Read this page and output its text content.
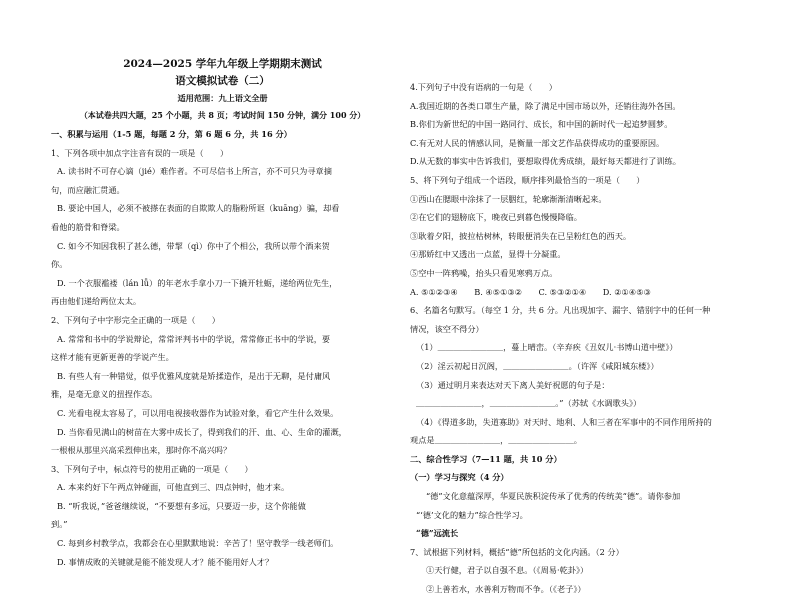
2024—2025 学年九年级上学期期末测试
语文模拟试卷（二）
适用范围：九上语文全册
（本试卷共四大题，25 个小题，共 8 页；考试时间 150 分钟，满分 100 分）
一、积累与运用（1-5 题，每题 2 分，第 6 题 6 分，共 16 分）
1、下列各项中加点字注音有误的一项是（　　）
A. 读书时不可存心谪（jié）难作者。不可尽信书上所言，亦不可只为寻章摘
句，而应融汇贯通。
B. 要论中国人，必须不被搽在表面的自欺欺人的脂粉所诓（kuāng）骗，却看
看他的筋骨和脊梁。
C. 如今不知因我积了甚么德，带挈（qì）你中了个相公，我所以带个酒来贺
你。
D. 一个衣服褴褛（lán lǚ）的年老水手拿小刀一下撬开牡蛎，递给两位先生，
再由他们递给两位太太。
2、下列句子中字形完全正确的一项是（　　）
A. 常常和书中的学说辩论，常常评判书中的学说，常常修正书中的学说，要
这样才能有更新更善的学说产生。
B. 有些人有一种错觉，似乎优雅风度就是矫揉造作，是出于无聊，是付庸风
雅，是毫无意义的扭捏作态。
C. 光看电视太容易了，可以用电视接收器作为试验对象，看它产生什么效果。
D. 当你看见满山的树苗在大雾中成长了，得到我们的汗、血、心、生命的灌溉，
一根根从那里兴高采烈伸出来，那时你不高兴吗？
3、下列句子中，标点符号的使用正确的一项是（　　）
A. 本来约好下午两点钟碰面，可他直到三、四点钟时，他才来。
B. “听我说，”爸爸继续说，“不要想有多远，只要迈一步，这个你能做
到。”
C. 每到乡村教学点，我都会在心里默默地说：辛苦了！坚守教学一线老师们。
D. 事情成败的关键就是能不能发现人才？能不能用好人才？
4.下列句子中没有语病的一句是（　　）
A.我国近期的各类口罩生产量，除了满足中国市场以外，还销往海外各国。
B.你们为新世纪的中国一路同行、成长，和中国的新时代一起追梦圆梦。
C.有无对人民的情感认同，是衡量一部文艺作品获得成功的重要原因。
D.从无数的事实中告诉我们，要想取得优秀成绩，最好每天都进行了训练。
5、将下列句子组成一个语段，顺序排列最恰当的一项是（　　）
①西山在腮眼中涂抹了一层胭红，轮廓渐渐清晰起来。
②在它们的翅膀底下，晚夜已到暮色慢慢降临。
③耿着夕阳，披拉枯树林，转眼便消失在已呈粉红色的西天。
④那娇红中又透出一点蓝，显得十分凝重。
⑤空中一阵鸦噪，抬头只看见寒鸦万点。
A. ⑤①②③④　　B. ④⑤①③②　　C. ⑤③②①④　　D. ②①④⑤③
6、名篇名句默写。（每空 1 分，共 6 分。凡出现加字、漏字、错别字中的任何一种
情况，该空不得分）
（1）＿＿＿＿＿＿＿＿，蔓上晴峦。（辛弃疾《丑奴儿·书博山道中壁》）
（2）淫云初起日沉阁，＿＿＿＿＿＿＿＿。（许浑《咸阳城东楼》）
（3）通过明月来表达对天下离人美好祝愿的句子是：
＿＿＿＿＿＿＿＿，＿＿＿＿＿＿＿＿。”（苏轼《水调歌头》）
（4）《得道多助，失道寡助》对天时、地利、人和三者在军事中的不同作用所持的
观点是＿＿＿＿＿＿＿＿，＿＿＿＿＿＿＿＿。
二、综合性学习（7—11 题，共 10 分）
（一）学习与探究（4 分）
“德”文化意蕴深厚，华夏民族积淀传承了优秀的传统美“德”。请你参加
“‘德’文化的魅力”综合性学习。
“德”远流长
7、试根据下列材料，概括“德”所包括的文化内涵。（2 分）
①天行健，君子以自强不息。（《周易·乾卦》）
②上善若水，水善利万物而不争。（《老子》）
